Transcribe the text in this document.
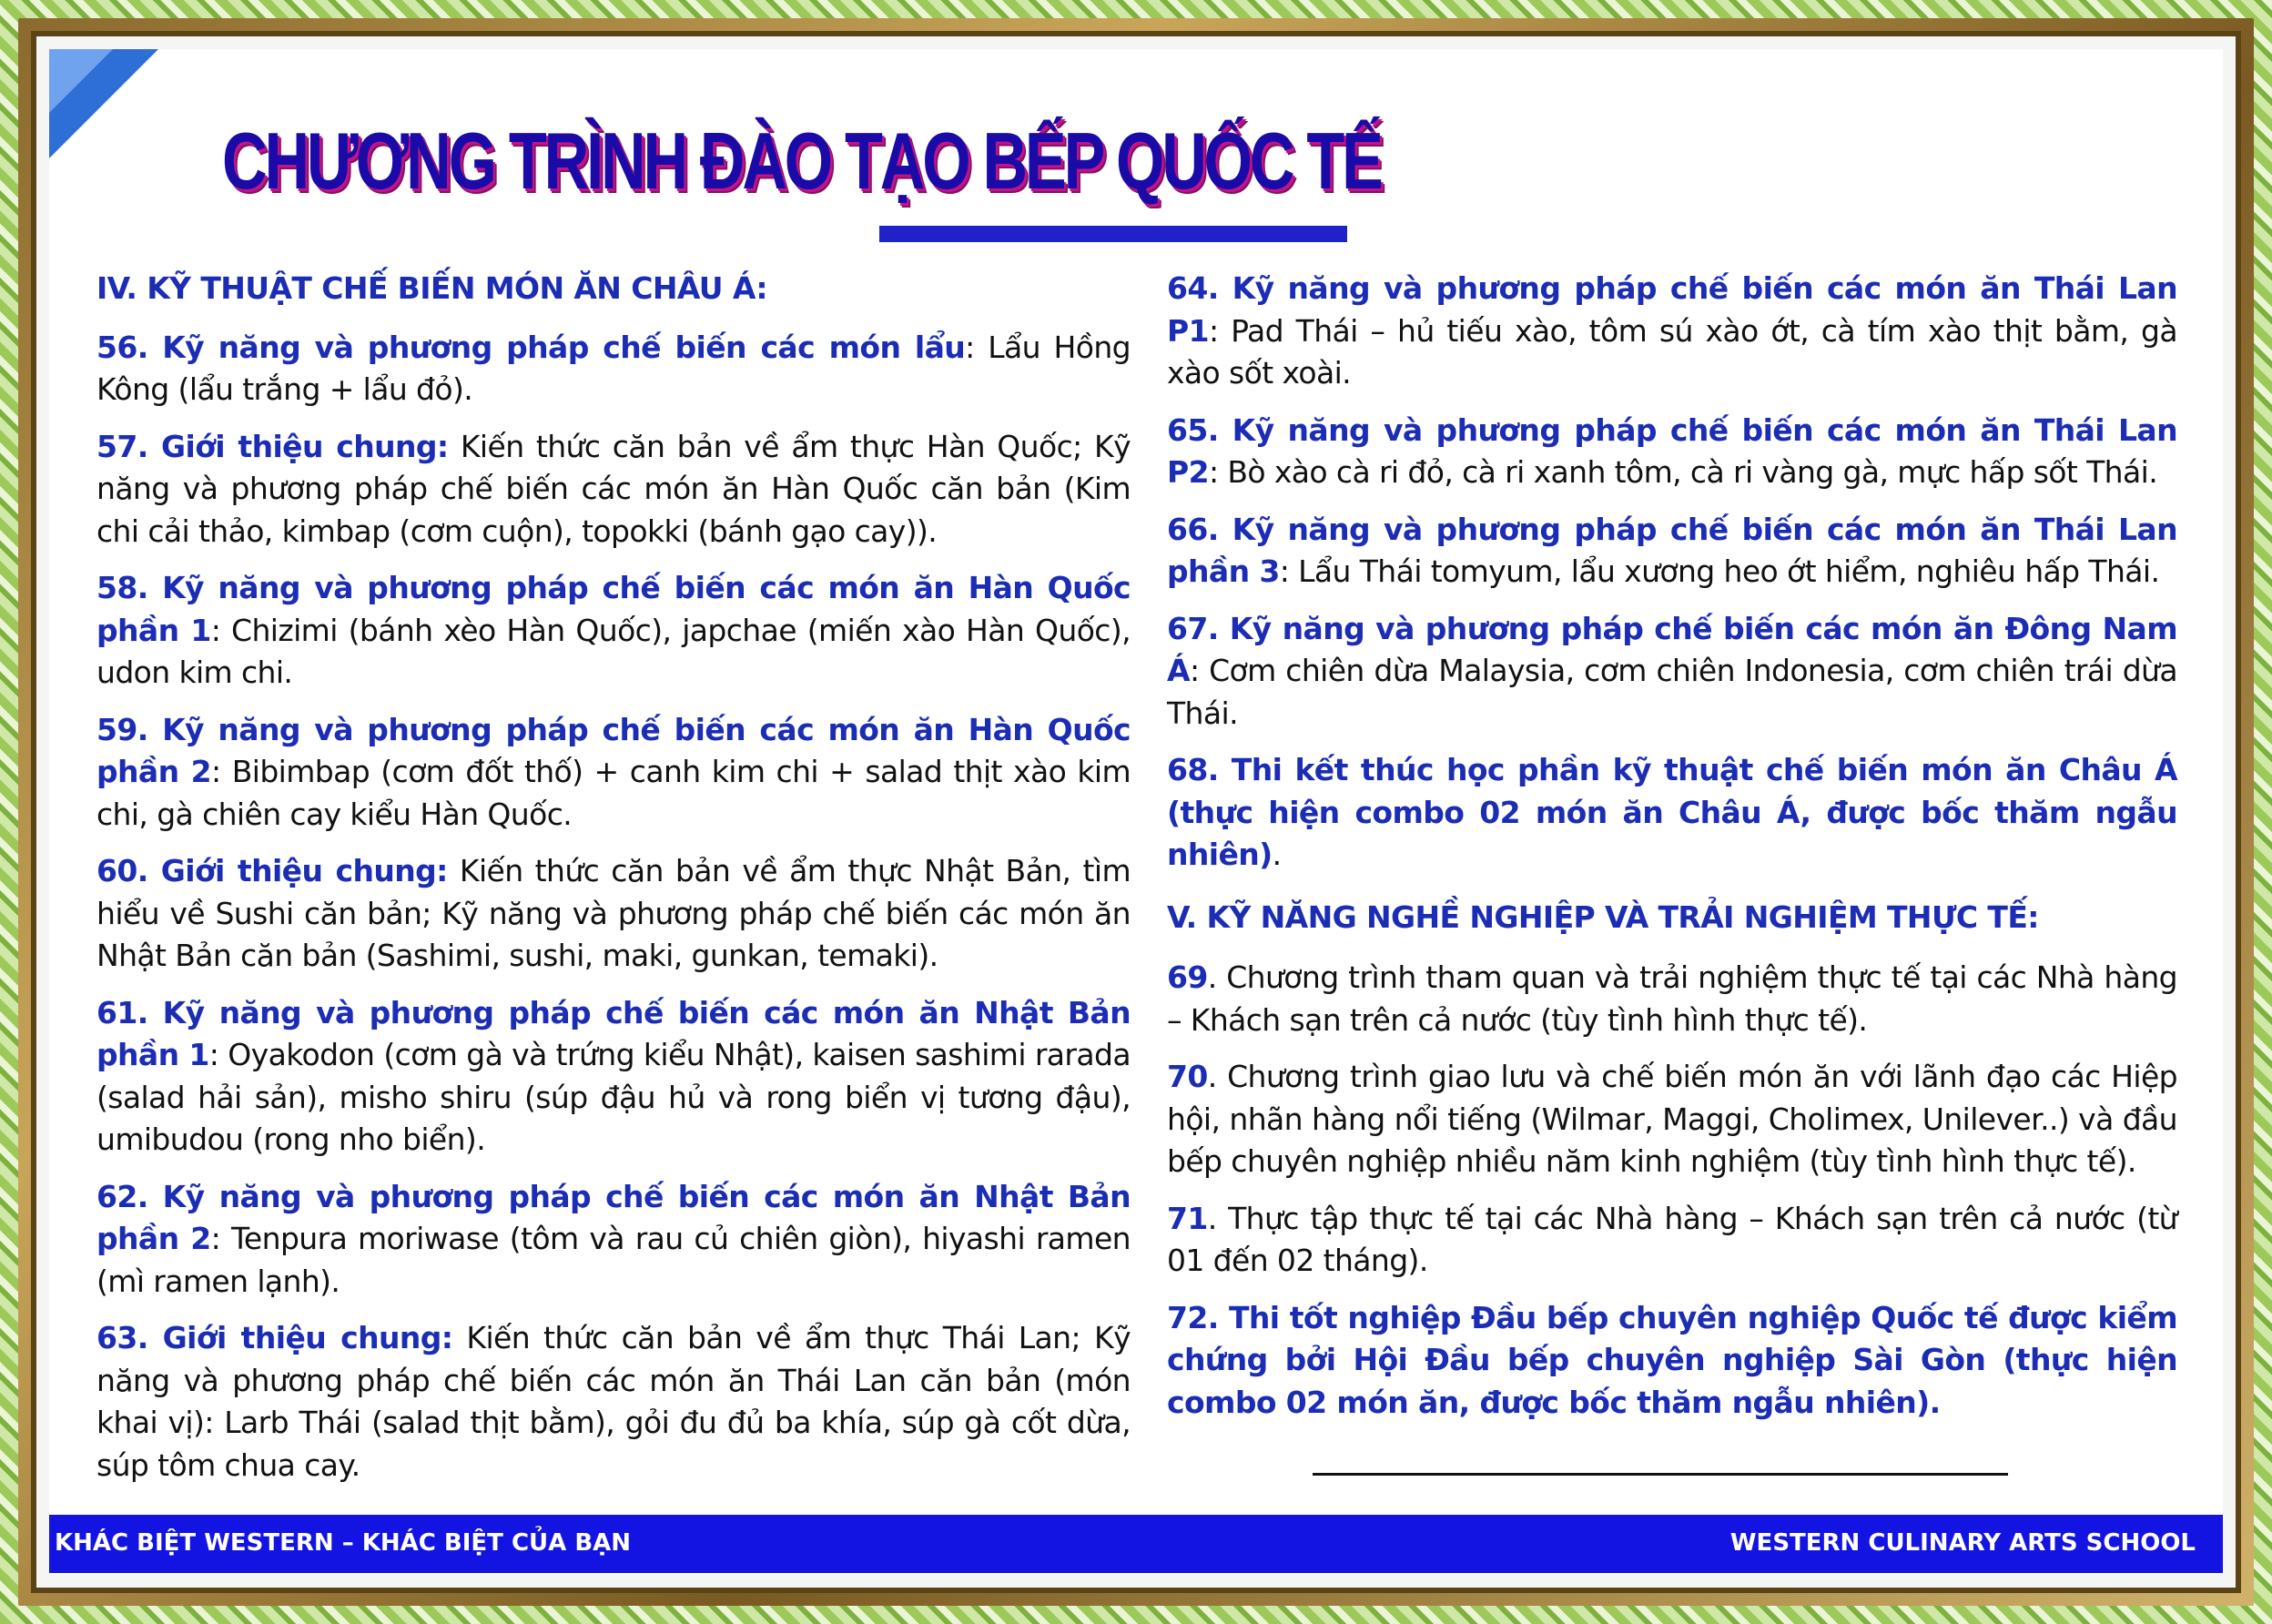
CHƯƠNG TRÌNH ĐÀO TẠO BẾP QUỐC TẾ
IV. KỸ THUẬT CHẾ BIẾN MÓN ĂN CHÂU Á:
56. Kỹ năng và phương pháp chế biến các món lẩu: Lẩu Hồng Kông (lẩu trắng + lẩu đỏ).
57. Giới thiệu chung: Kiến thức căn bản về ẩm thực Hàn Quốc; Kỹ năng và phương pháp chế biến các món ăn Hàn Quốc căn bản (Kim chi cải thảo, kimbap (cơm cuộn), topokki (bánh gạo cay)).
58. Kỹ năng và phương pháp chế biến các món ăn Hàn Quốc phần 1: Chizimi (bánh xèo Hàn Quốc), japchae (miến xào Hàn Quốc), udon kim chi.
59. Kỹ năng và phương pháp chế biến các món ăn Hàn Quốc phần 2: Bibimbap (cơm đốt thố) + canh kim chi + salad thịt xào kim chi, gà chiên cay kiểu Hàn Quốc.
60. Giới thiệu chung: Kiến thức căn bản về ẩm thực Nhật Bản, tìm hiểu về Sushi căn bản; Kỹ năng và phương pháp chế biến các món ăn Nhật Bản căn bản (Sashimi, sushi, maki, gunkan, temaki).
61. Kỹ năng và phương pháp chế biến các món ăn Nhật Bản phần 1: Oyakodon (cơm gà và trứng kiểu Nhật), kaisen sashimi rarada (salad hải sản), misho shiru (súp đậu hủ và rong biển vị tương đậu), umibudou (rong nho biển).
62. Kỹ năng và phương pháp chế biến các món ăn Nhật Bản phần 2: Tenpura moriwase (tôm và rau củ chiên giòn), hiyashi ramen (mì ramen lạnh).
63. Giới thiệu chung: Kiến thức căn bản về ẩm thực Thái Lan; Kỹ năng và phương pháp chế biến các món ăn Thái Lan căn bản (món khai vị): Larb Thái (salad thịt bằm), gỏi đu đủ ba khía, súp gà cốt dừa, súp tôm chua cay.
64. Kỹ năng và phương pháp chế biến các món ăn Thái Lan P1: Pad Thái – hủ tiếu xào, tôm sú xào ớt, cà tím xào thịt bằm, gà xào sốt xoài.
65. Kỹ năng và phương pháp chế biến các món ăn Thái Lan P2: Bò xào cà ri đỏ, cà ri xanh tôm, cà ri vàng gà, mực hấp sốt Thái.
66. Kỹ năng và phương pháp chế biến các món ăn Thái Lan phần 3: Lẩu Thái tomyum, lẩu xương heo ớt hiểm, nghiêu hấp Thái.
67. Kỹ năng và phương pháp chế biến các món ăn Đông Nam Á: Cơm chiên dừa Malaysia, cơm chiên Indonesia, cơm chiên trái dừa Thái.
68. Thi kết thúc học phần kỹ thuật chế biến món ăn Châu Á (thực hiện combo 02 món ăn Châu Á, được bốc thăm ngẫu nhiên).
V. KỸ NĂNG NGHỀ NGHIỆP VÀ TRẢI NGHIỆM THỰC TẾ:
69. Chương trình tham quan và trải nghiệm thực tế tại các Nhà hàng – Khách sạn trên cả nước (tùy tình hình thực tế).
70. Chương trình giao lưu và chế biến món ăn với lãnh đạo các Hiệp hội, nhãn hàng nổi tiếng (Wilmar, Maggi, Cholimex, Unilever..) và đầu bếp chuyên nghiệp nhiều năm kinh nghiệm (tùy tình hình thực tế).
71. Thực tập thực tế tại các Nhà hàng – Khách sạn trên cả nước (từ 01 đến 02 tháng).
72. Thi tốt nghiệp Đầu bếp chuyên nghiệp Quốc tế được kiểm chứng bởi Hội Đầu bếp chuyên nghiệp Sài Gòn (thực hiện combo 02 món ăn, được bốc thăm ngẫu nhiên).
KHÁC BIỆT WESTERN – KHÁC BIỆT CỦA BẠN	WESTERN CULINARY ARTS SCHOOL
